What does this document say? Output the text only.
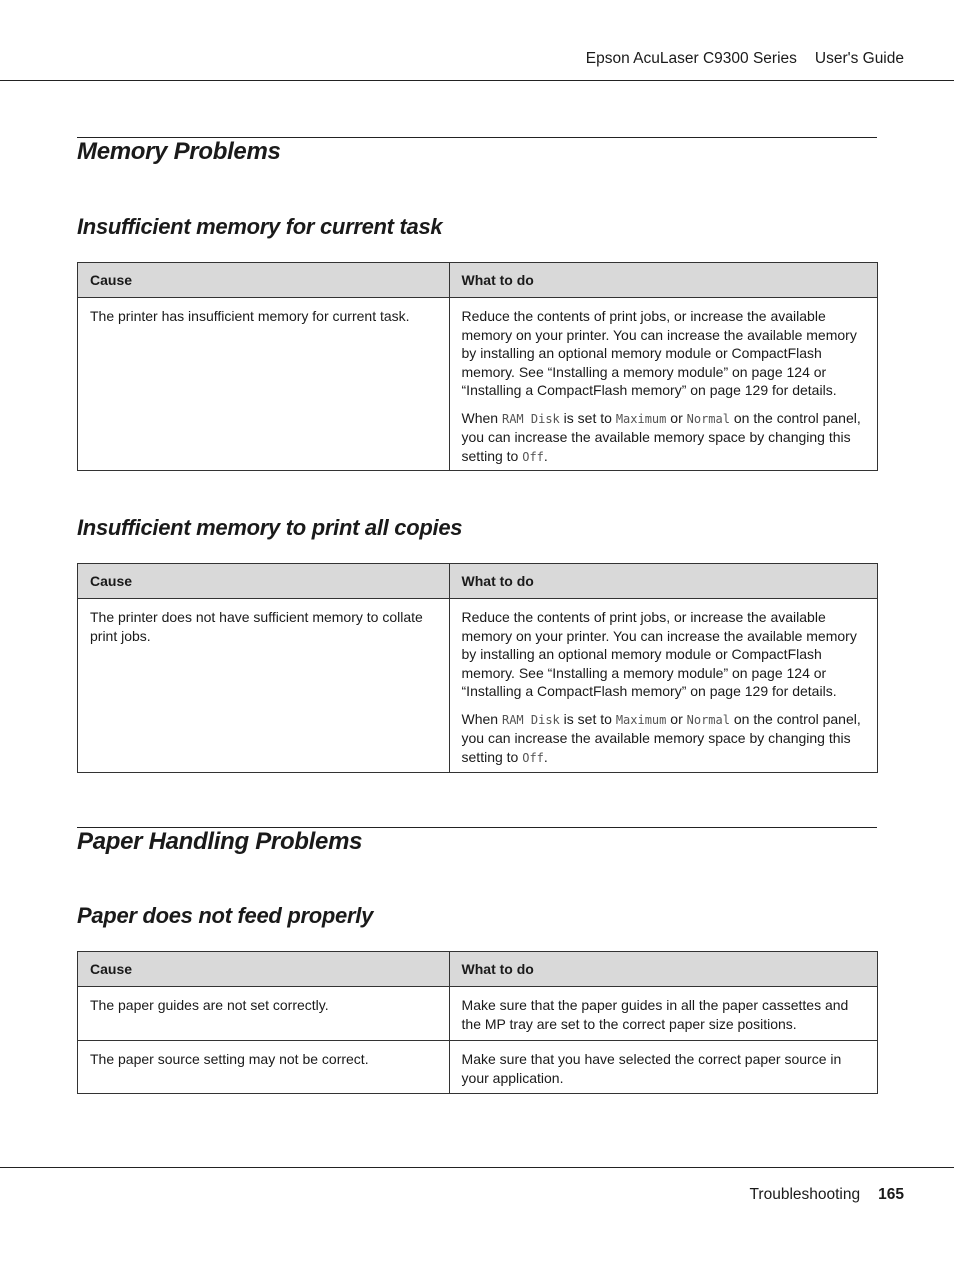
Epson AcuLaser C9300 Series User's Guide
Memory Problems
Insufficient memory for current task
Cause	What to do

The printer has insufficient memory for current task.	Reduce the contents of print jobs, or increase the available memory on your printer. You can increase the available memory by installing an optional memory module or CompactFlash memory. See “Installing a memory module” on page 124 or “Installing a CompactFlash memory” on page 129 for details.

When RAM Disk is set to Maximum or Normal on the control panel, you can increase the available memory space by changing this setting to Off.

Insufficient memory to print all copies
Cause	What to do

The printer does not have sufficient memory to collate print jobs.	Reduce the contents of print jobs, or increase the available memory on your printer. You can increase the available memory by installing an optional memory module or CompactFlash memory. See “Installing a memory module” on page 124 or “Installing a CompactFlash memory” on page 129 for details.

When RAM Disk is set to Maximum or Normal on the control panel, you can increase the available memory space by changing this setting to Off.

Paper Handling Problems
Paper does not feed properly
Cause	What to do
The paper guides are not set correctly.	Make sure that the paper guides in all the paper cassettes and the MP tray are set to the correct paper size positions.
The paper source setting may not be correct.	Make sure that you have selected the correct paper source in your application.
Troubleshooting 165
